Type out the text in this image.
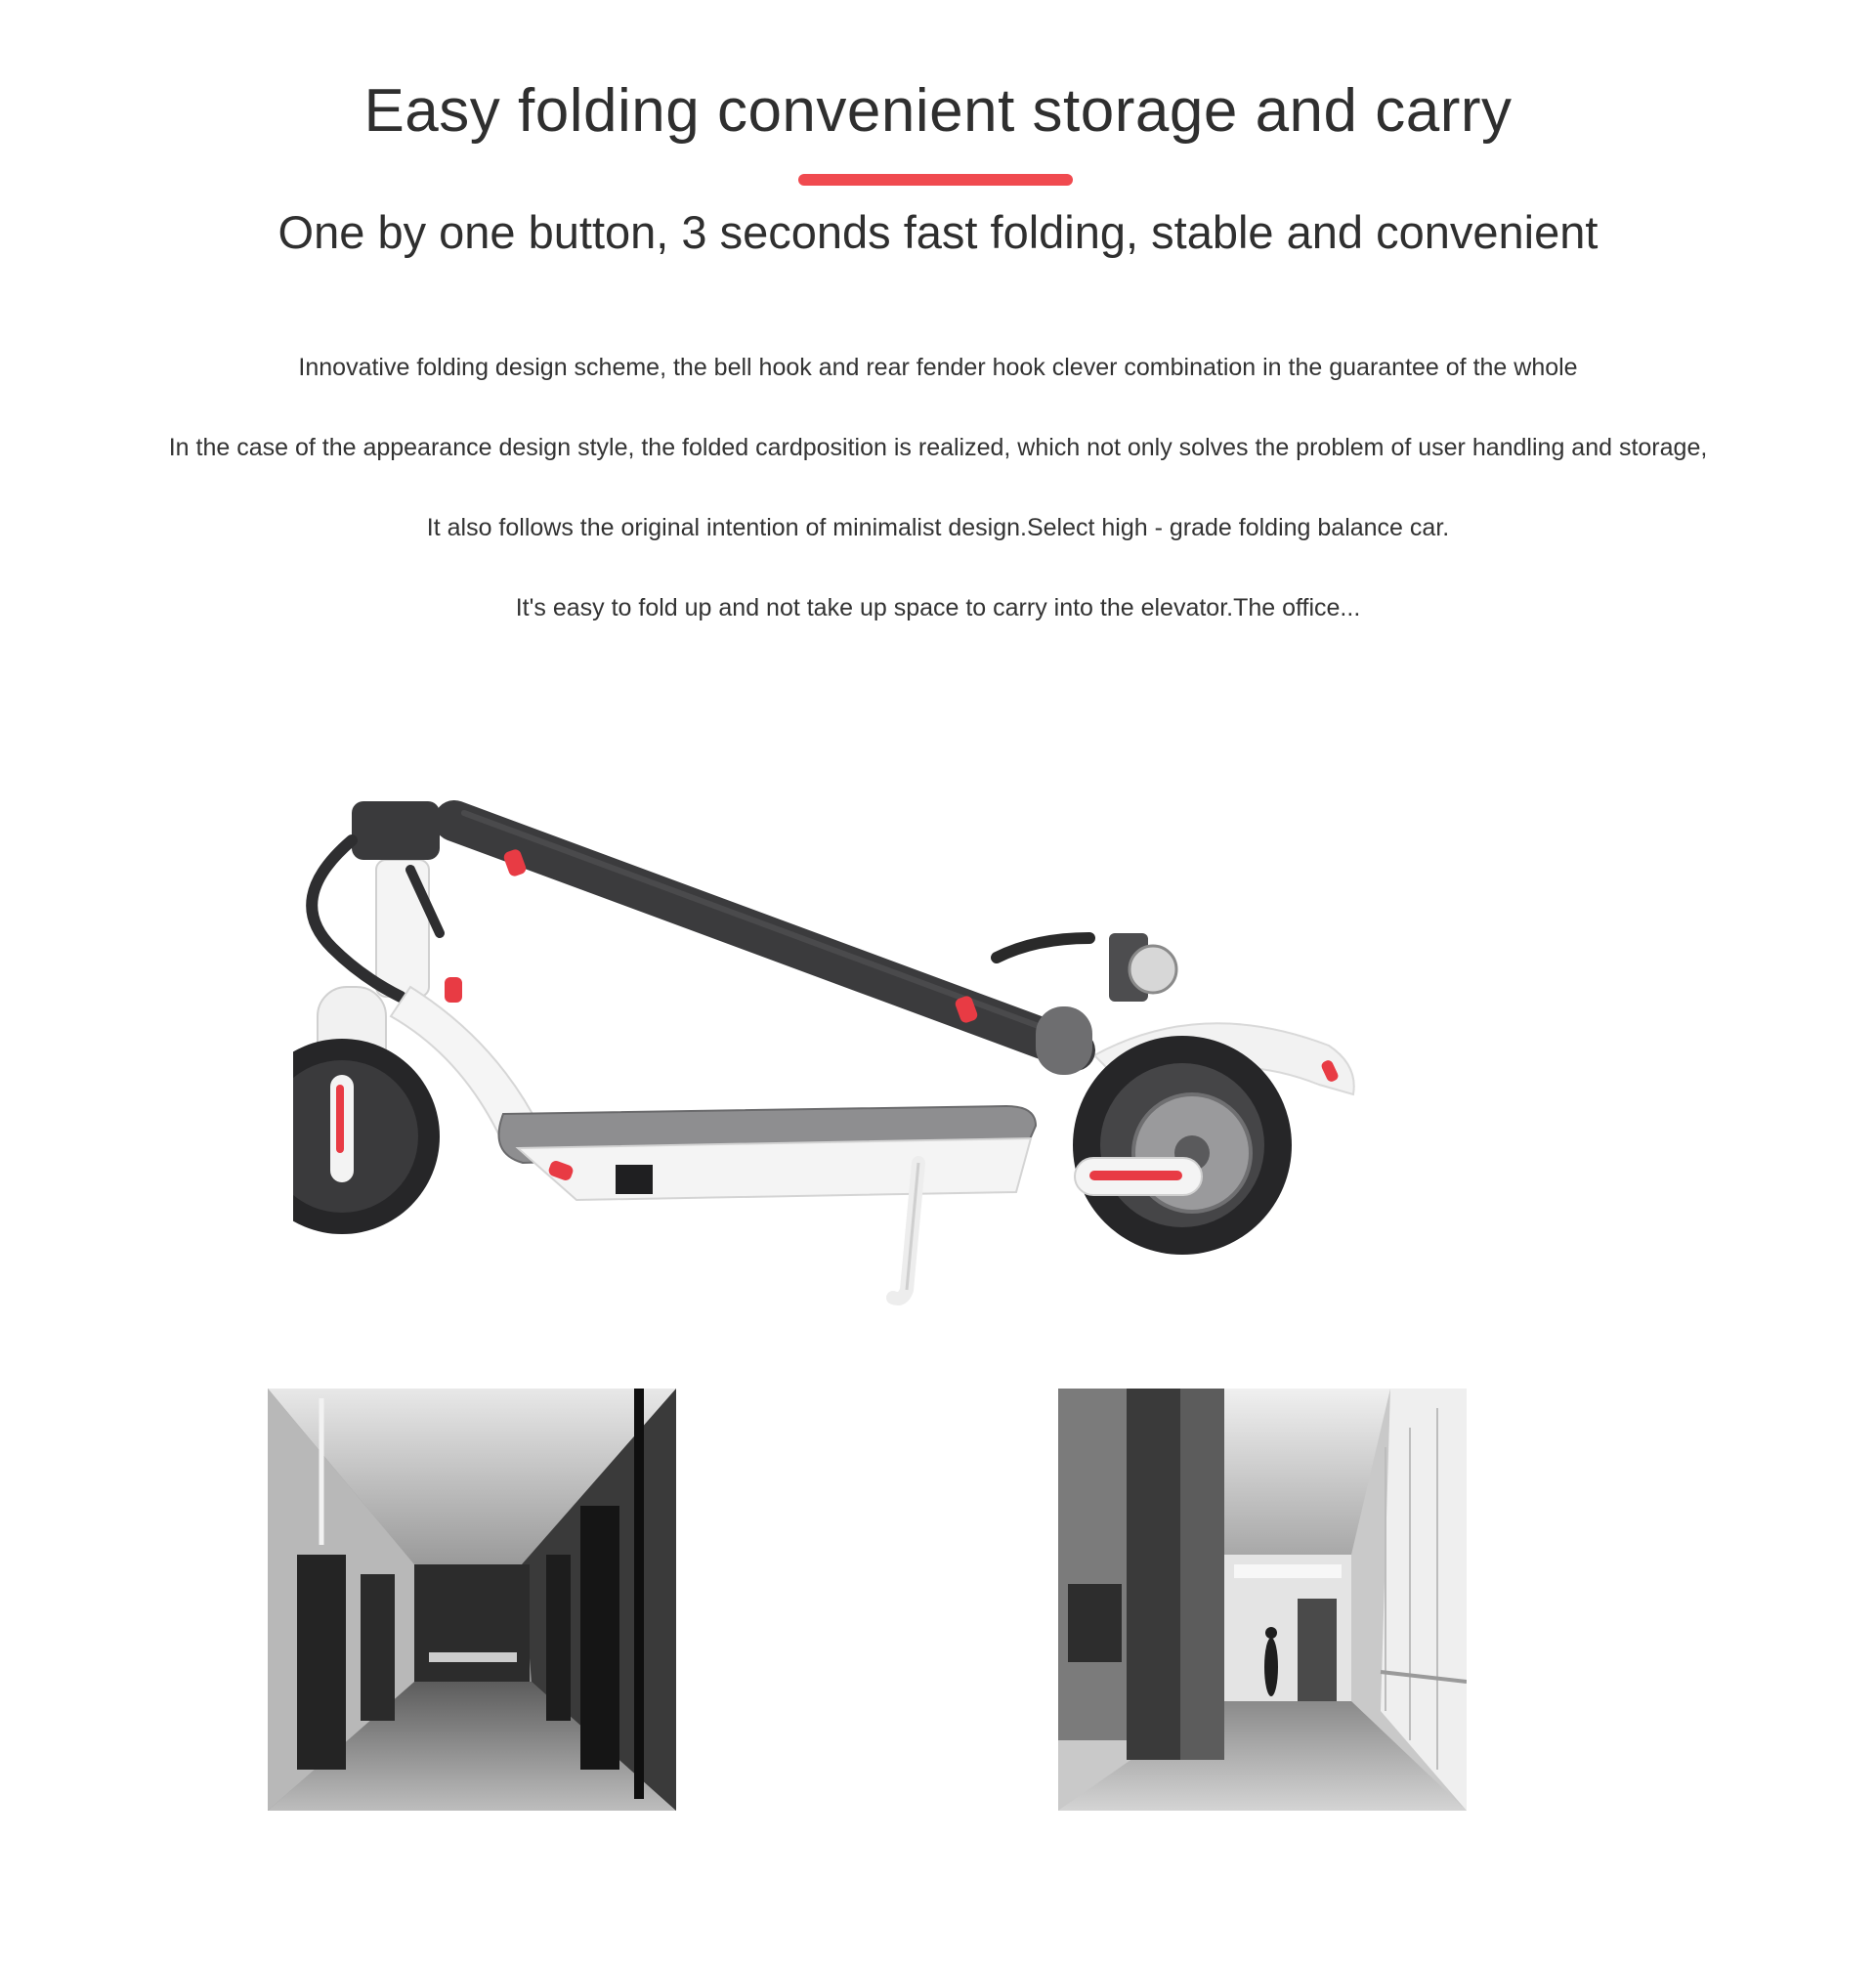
Easy folding convenient storage and carry
One by one button, 3 seconds fast folding, stable and convenient

Innovative folding design scheme, the bell hook and rear fender hook clever combination in the guarantee of the whole

In the case of the appearance design style, the folded cardposition is realized, which not only solves the problem of user handling and storage,

It also follows the original intention of minimalist design.Select high - grade folding balance car.

It's easy to fold up and not take up space to carry into the elevator.The office...
